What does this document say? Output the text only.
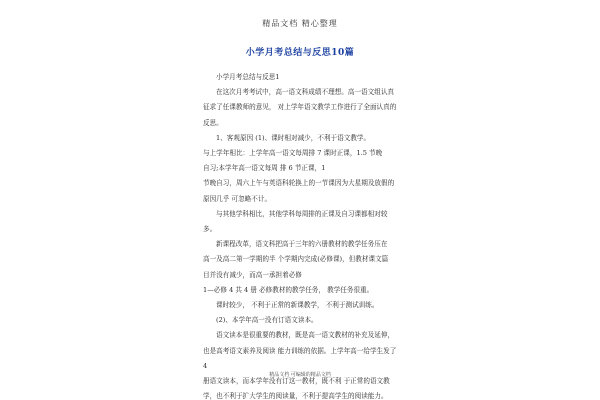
精品文档 精心整理
小学月考总结与反思10篇

小学月考总结与反思1

在这次月考考试中，高一语文科成绩不理想。高一语文组认真

征求了任课教师的意见， 对上学年语文教学工作进行了全面认真的

反思。

1、客观原因 (1)、课时相对减少，不利于语文教学。

与上学年相比：上学年高一语文每周排 7 课时正课，1.5 节晚

自习;本学年高一语文每周 排 6 节正课，1

节晚自习，周六上午与英语科轮换上的一节课因为大星期及放假的

原因几乎 可忽略不计。

与其他学科相比，其他学科每周排的正课及自习课都相对较

多。

新课程改革，语文科把高于三年的六册教材的教学任务压在

高一及高二第一学期的半 个学期内完成(必修课)，但教材课文篇

目并没有减少，而高一承担着必修

1—必修 4 共 4 册 必修教材的教学任务， 教学任务很重。

课时较少， 不利于正常的新课教学， 不利于测试训练。

(2)、本学年高一没有订语文读本。

语文读本是很重要的教材，既是高一语文教材的补充及延伸，

也是高考语文素养及阅读 能力训练的依据。上学年高一给学生发了

4

册语文读本，而本学年没有订这一教材，既不利 于正常的语文教

学，也不利于扩大学生的阅读量，不利于提高学生的阅读能力。

精品文档 可编辑的精品文档
